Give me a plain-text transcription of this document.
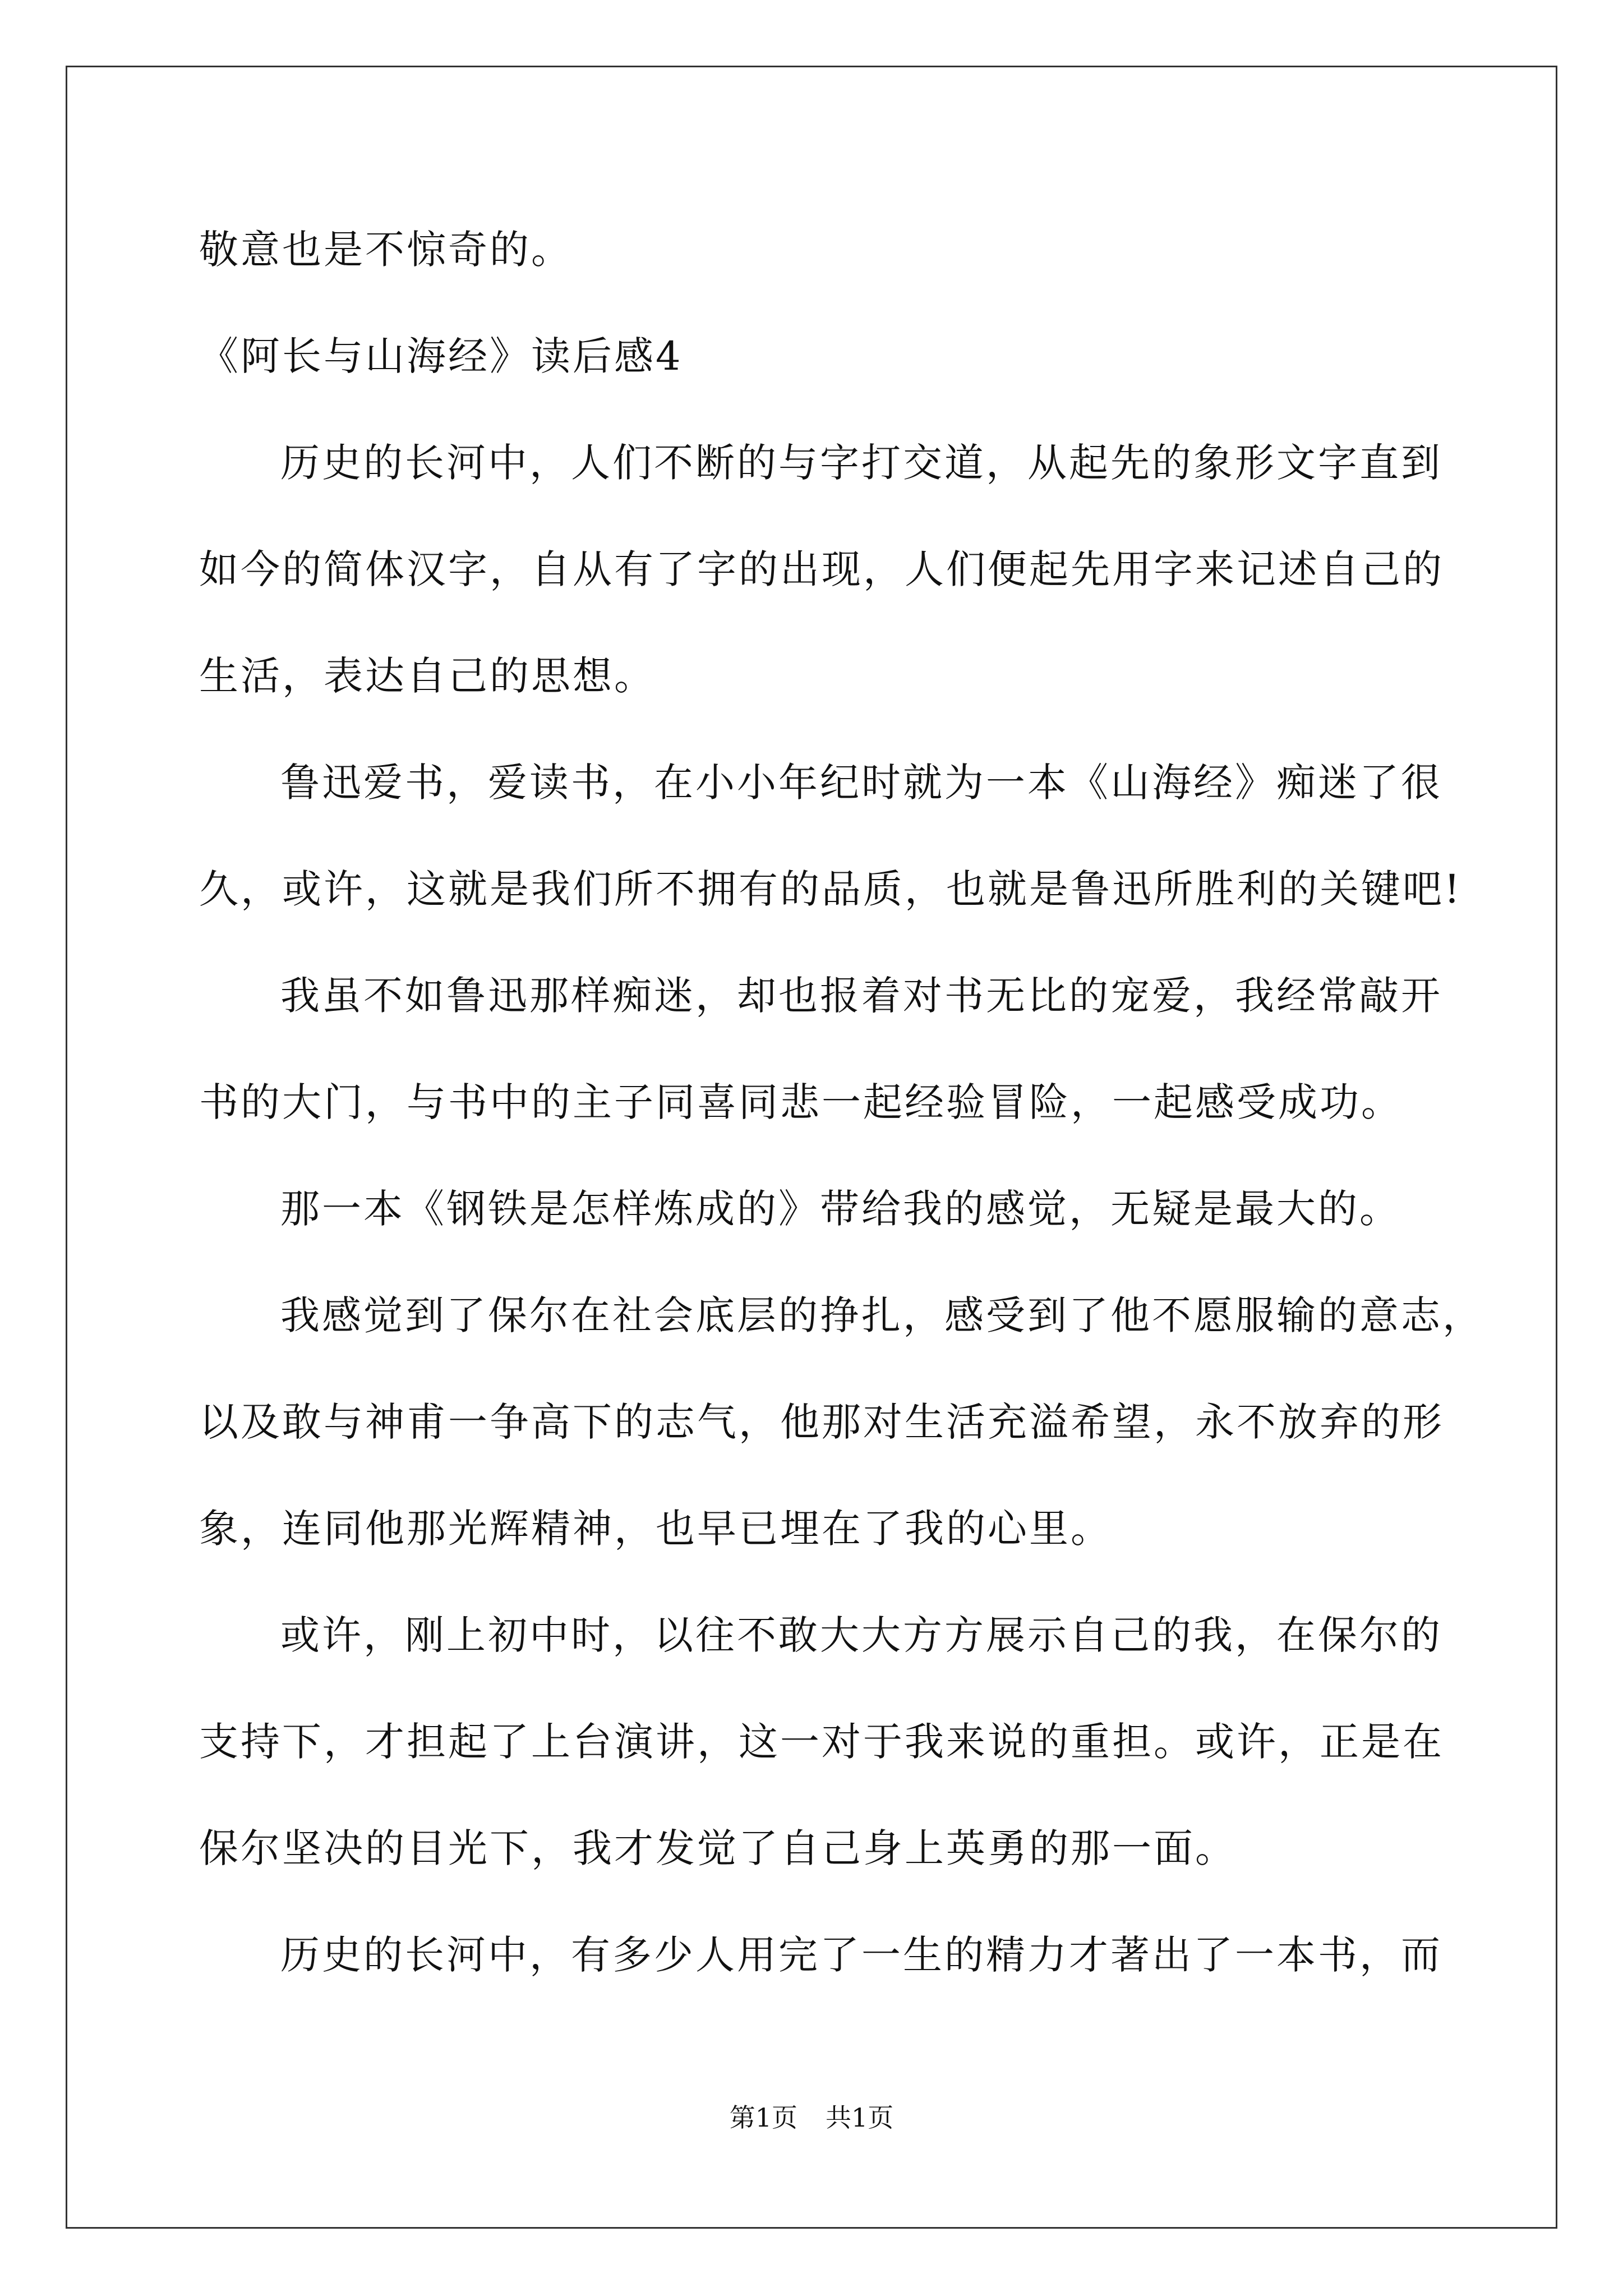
敬意也是不惊奇的。
《阿长与山海经》读后感4
历史的长河中，人们不断的与字打交道，从起先的象形文字直到
如今的简体汉字，自从有了字的出现，人们便起先用字来记述自己的
生活，表达自己的思想。
鲁迅爱书，爱读书，在小小年纪时就为一本《山海经》痴迷了很
久，或许，这就是我们所不拥有的品质，也就是鲁迅所胜利的关键吧!
我虽不如鲁迅那样痴迷，却也报着对书无比的宠爱，我经常敲开
书的大门，与书中的主子同喜同悲一起经验冒险，一起感受成功。
那一本《钢铁是怎样炼成的》带给我的感觉，无疑是最大的。
我感觉到了保尔在社会底层的挣扎，感受到了他不愿服输的意志，
以及敢与神甫一争高下的志气，他那对生活充溢希望，永不放弃的形
象，连同他那光辉精神，也早已埋在了我的心里。
或许，刚上初中时，以往不敢大大方方展示自己的我，在保尔的
支持下，才担起了上台演讲，这一对于我来说的重担。或许，正是在
保尔坚决的目光下，我才发觉了自己身上英勇的那一面。
历史的长河中，有多少人用完了一生的精力才著出了一本书，而
第1页 共1页
